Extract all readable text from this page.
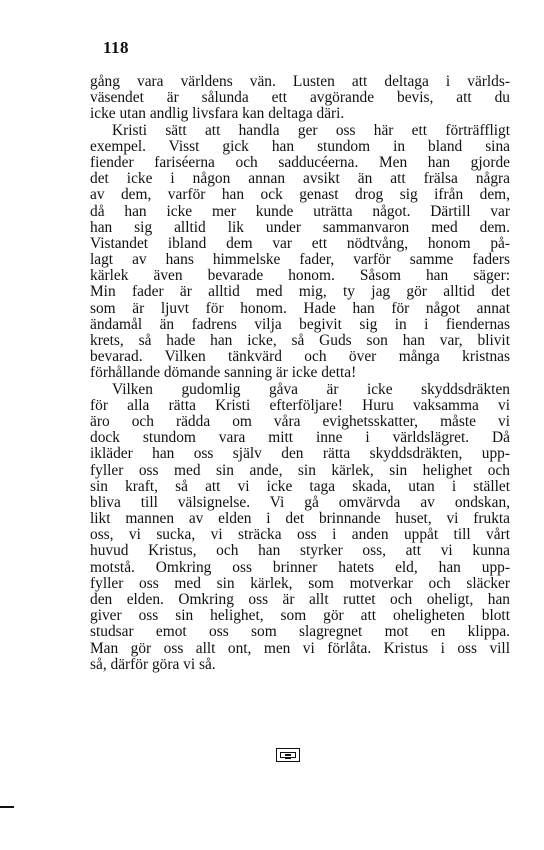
118
gång vara världens vän. Lusten att deltaga i världs-
väsendet är sålunda ett avgörande bevis, att du
icke utan andlig livsfara kan deltaga däri.
Kristi sätt att handla ger oss här ett förträffligt
exempel. Visst gick han stundom in bland sina
fiender fariséerna och sadducéerna. Men han gjorde
det icke i någon annan avsikt än att frälsa några
av dem, varför han ock genast drog sig ifrån dem,
då han icke mer kunde uträtta något. Därtill var
han sig alltid lik under sammanvaron med dem.
Vistandet ibland dem var ett nödtvång, honom på-
lagt av hans himmelske fader, varför samme faders
kärlek även bevarade honom. Såsom han säger:
Min fader är alltid med mig, ty jag gör alltid det
som är ljuvt för honom. Hade han för något annat
ändamål än fadrens vilja begivit sig in i fiendernas
krets, så hade han icke, så Guds son han var, blivit
bevarad. Vilken tänkvärd och över många kristnas
förhållande dömande sanning är icke detta!
Vilken gudomlig gåva är icke skyddsdräkten
för alla rätta Kristi efterföljare! Huru vaksamma vi
äro och rädda om våra evighetsskatter, måste vi
dock stundom vara mitt inne i världslägret. Då
ikläder han oss själv den rätta skyddsdräkten, upp-
fyller oss med sin ande, sin kärlek, sin helighet och
sin kraft, så att vi icke taga skada, utan i stället
bliva till välsignelse. Vi gå omvärvda av ondskan,
likt mannen av elden i det brinnande huset, vi frukta
oss, vi sucka, vi sträcka oss i anden uppåt till vårt
huvud Kristus, och han styrker oss, att vi kunna
motstå. Omkring oss brinner hatets eld, han upp-
fyller oss med sin kärlek, som motverkar och släcker
den elden. Omkring oss är allt ruttet och oheligt, han
giver oss sin helighet, som gör att oheligheten blott
studsar emot oss som slagregnet mot en klippa.
Man gör oss allt ont, men vi förlåta. Kristus i oss vill
så, därför göra vi så.
